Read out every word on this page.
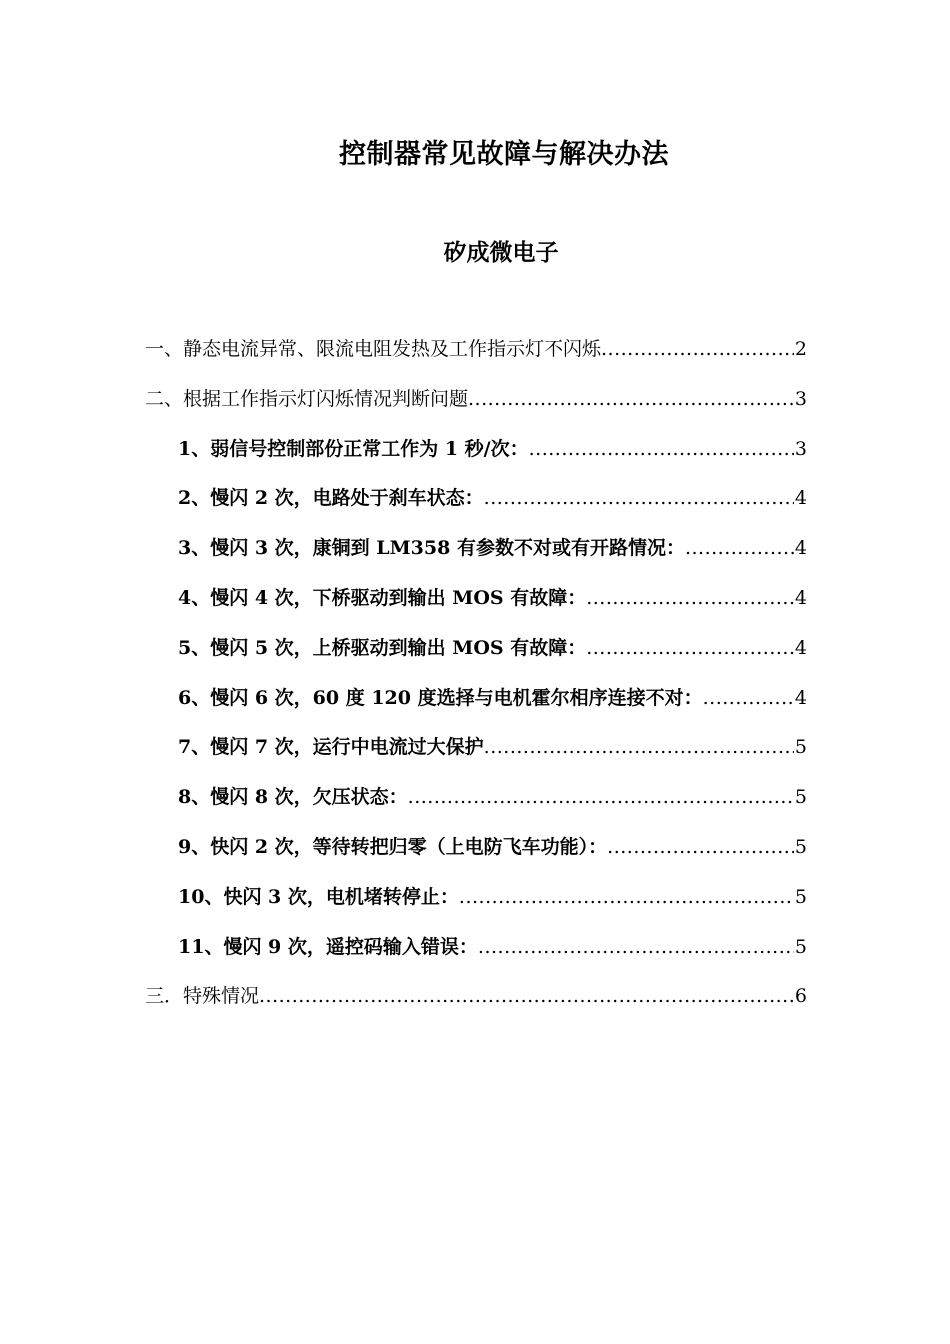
控制器常见故障与解决办法
矽成微电子
一、静态电流异常、限流电阻发热及工作指示灯不闪烁 .....	2
二、根据工作指示灯闪烁情况判断问题 .....	3
1、弱信号控制部份正常工作为 1 秒/次： .....	3
2、慢闪 2 次，电路处于刹车状态： .....	4
3、慢闪 3 次，康铜到 LM358 有参数不对或有开路情况： .....	4
4、慢闪 4 次，下桥驱动到输出 MOS 有故障： .....	4
5、慢闪 5 次，上桥驱动到输出 MOS 有故障： .....	4
6、慢闪 6 次，60 度 120 度选择与电机霍尔相序连接不对： .....	4
7、慢闪 7 次，运行中电流过大保护 .....	5
8、慢闪 8 次，欠压状态： .....	5
9、快闪 2 次，等待转把归零（上电防飞车功能）： .....	5
10、快闪 3 次，电机堵转停止： .....	5
11、慢闪 9 次，遥控码输入错误： .....	5
三．特殊情况 .....	6
